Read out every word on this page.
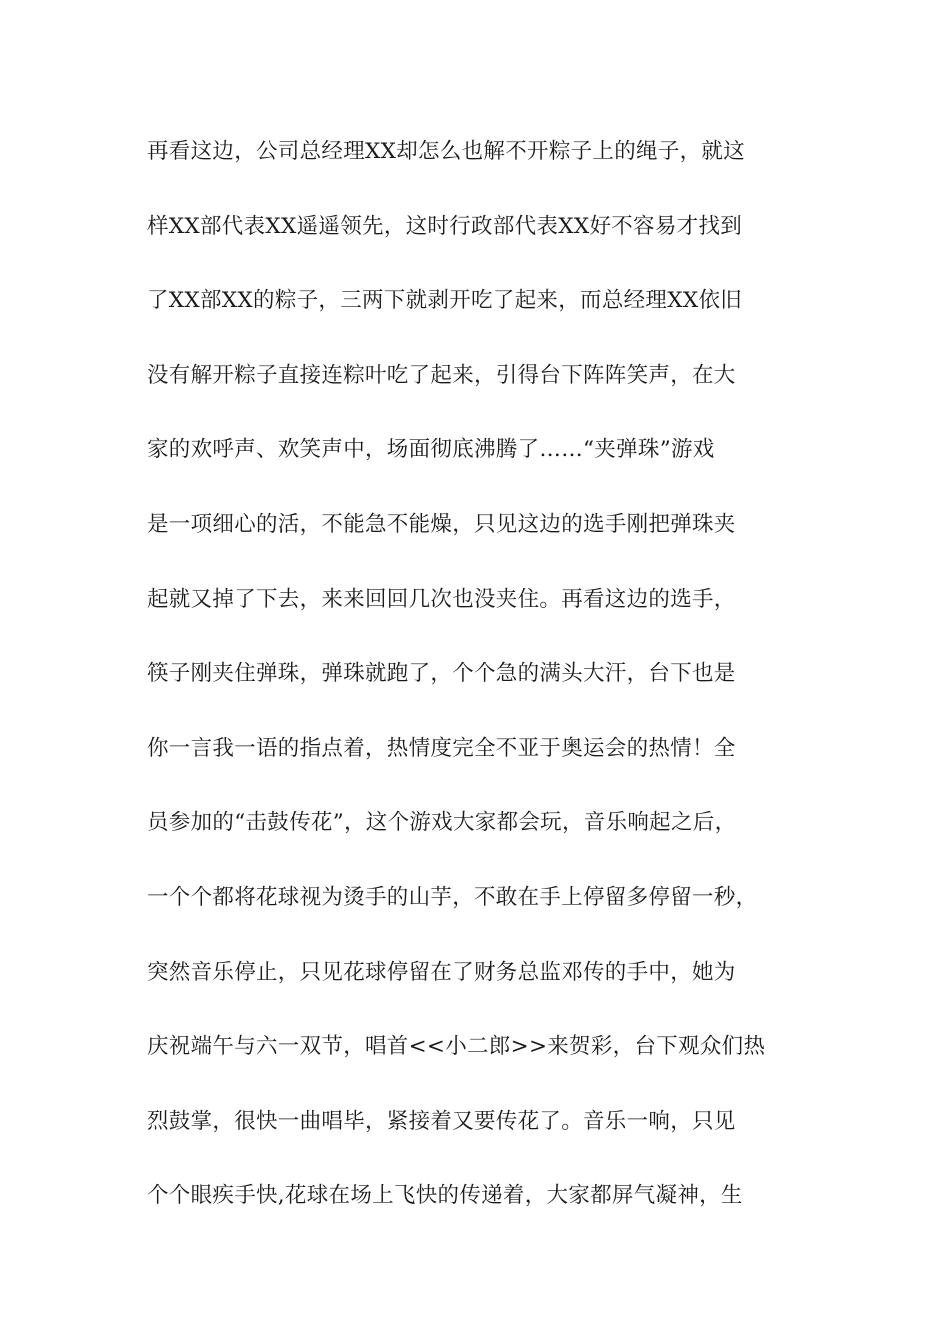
再看这边，公司总经理XX却怎么也解不开粽子上的绳子，就这
样XX部代表XX遥遥领先，这时行政部代表XX好不容易才找到
了XX部XX的粽子，三两下就剥开吃了起来，而总经理XX依旧
没有解开粽子直接连粽叶吃了起来，引得台下阵阵笑声，在大
家的欢呼声、欢笑声中，场面彻底沸腾了……“夹弹珠”游戏
是一项细心的活，不能急不能燥，只见这边的选手刚把弹珠夹
起就又掉了下去，来来回回几次也没夹住。再看这边的选手，
筷子刚夹住弹珠，弹珠就跑了，个个急的满头大汗，台下也是
你一言我一语的指点着，热情度完全不亚于奥运会的热情！全
员参加的“击鼓传花”，这个游戏大家都会玩，音乐响起之后，
一个个都将花球视为烫手的山芋，不敢在手上停留多停留一秒，
突然音乐停止，只见花球停留在了财务总监邓传的手中，她为
庆祝端午与六一双节，唱首<<小二郎>>来贺彩，台下观众们热
烈鼓掌，很快一曲唱毕，紧接着又要传花了。音乐一响，只见
个个眼疾手快,花球在场上飞快的传递着，大家都屏气凝神，生
